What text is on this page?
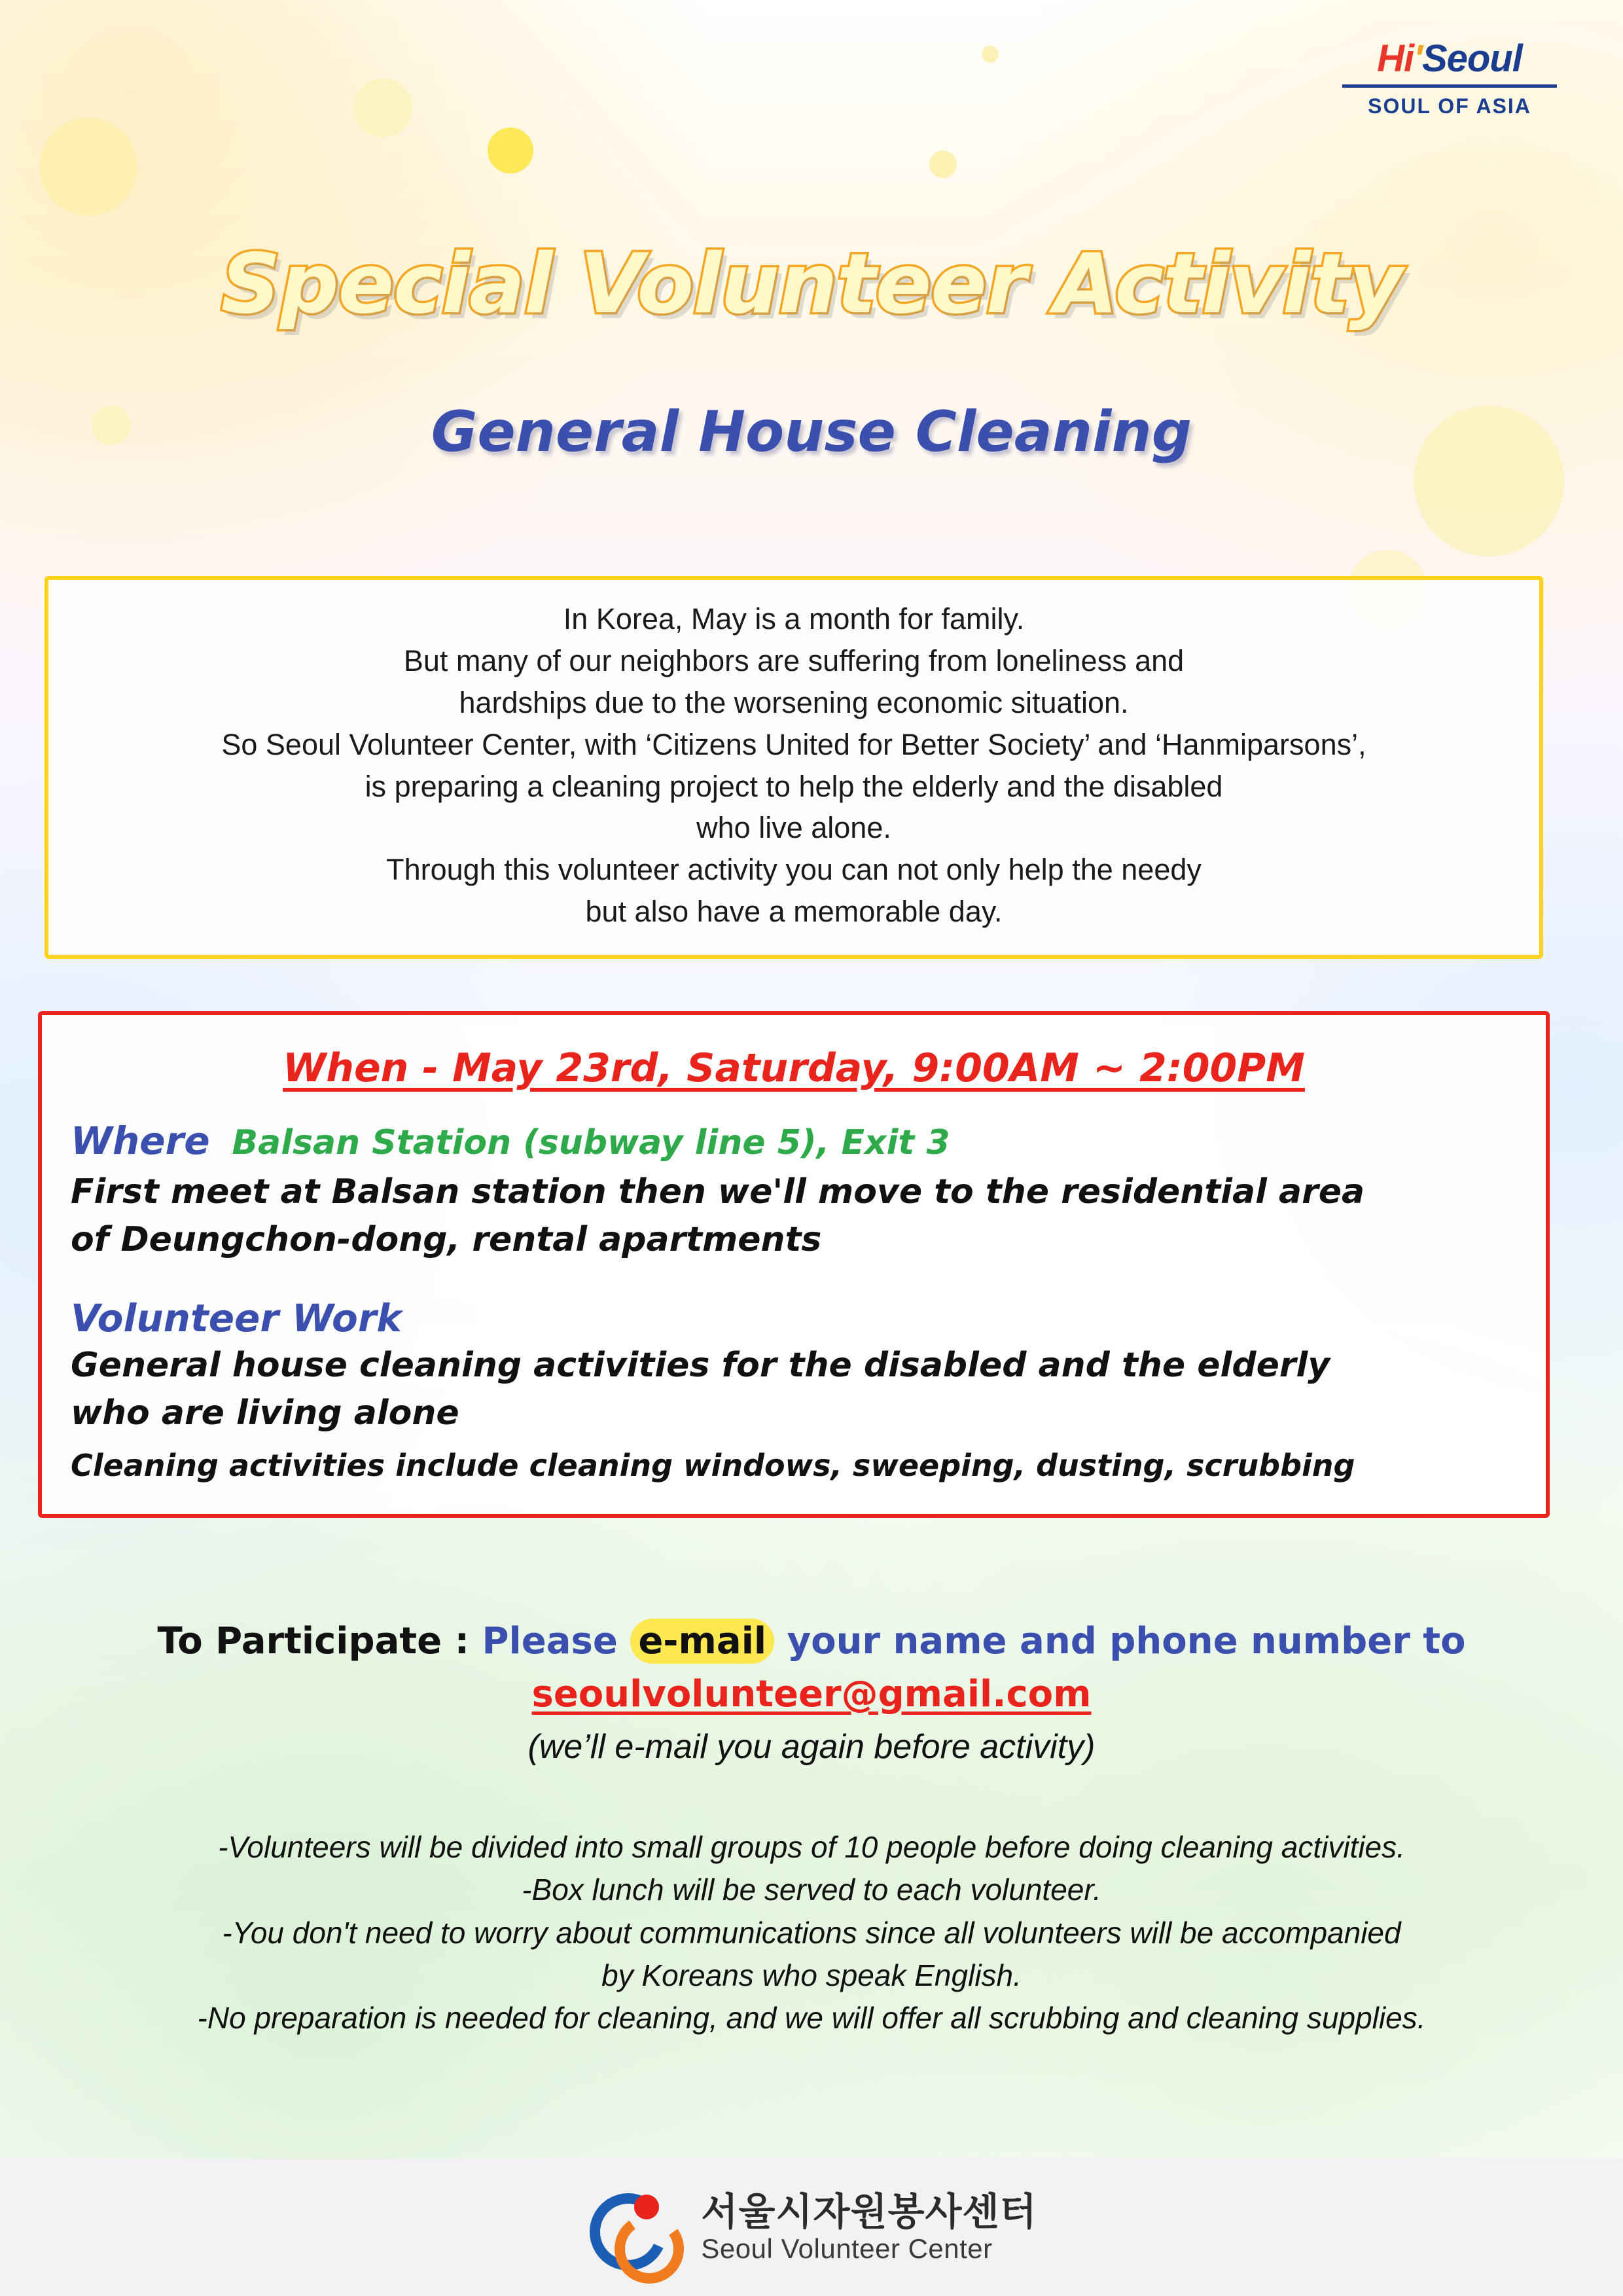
Hi'Seoul
SOUL OF ASIA
Special Volunteer Activity
General House Cleaning

In Korea, May is a month for family.

But many of our neighbors are suffering from loneliness and

hardships due to the worsening economic situation.

So Seoul Volunteer Center, with ‘Citizens United for Better Society’ and ‘Hanmiparsons’,

is preparing a cleaning project to help the elderly and the disabled

who live alone.

Through this volunteer activity you can not only help the needy

but also have a memorable day.

When - May 23rd, Saturday, 9:00AM ~ 2:00PM
Where Balsan Station (subway line 5), Exit 3

First meet at Balsan station then we'll move to the residential area

of Deungchon-dong, rental apartments

Volunteer Work

General house cleaning activities for the disabled and the elderly

who are living alone

Cleaning activities include cleaning windows, sweeping, dusting, scrubbing

To Participate : Please e-mail your name and phone number to
seoulvolunteer@gmail.com
(we’ll e-mail you again before activity)

-Volunteers will be divided into small groups of 10 people before doing cleaning activities.

-Box lunch will be served to each volunteer.

-You don't need to worry about communications since all volunteers will be accompanied

by Koreans who speak English.

-No preparation is needed for cleaning, and we will offer all scrubbing and cleaning supplies.

서울시자원봉사센터
Seoul Volunteer Center
